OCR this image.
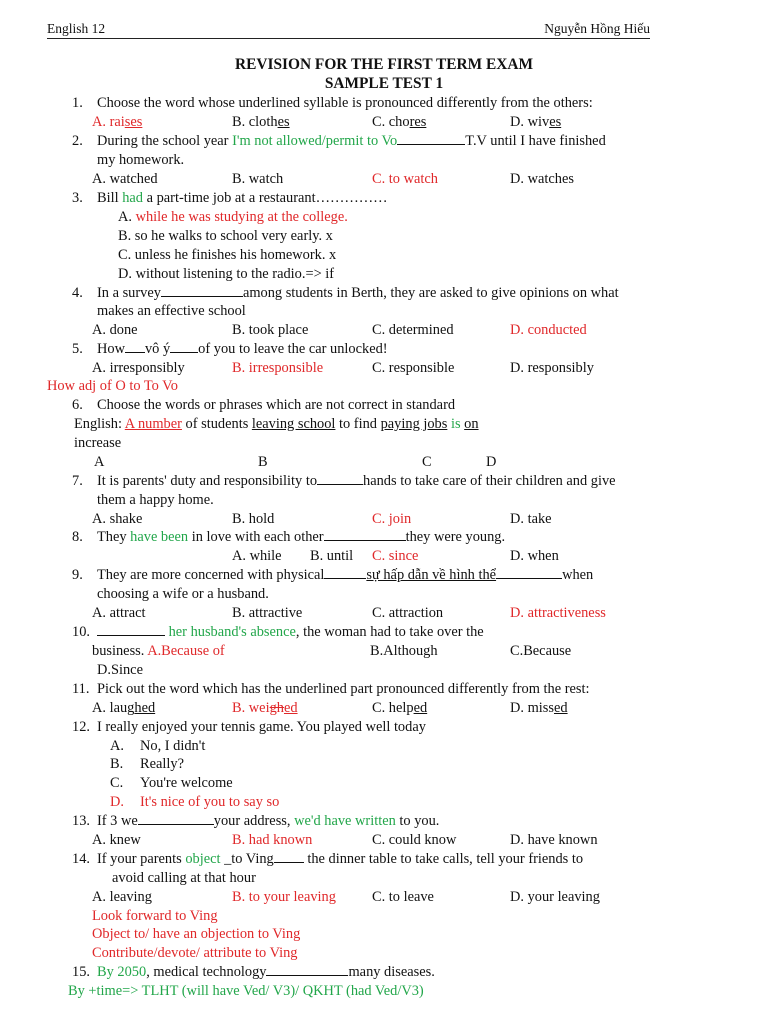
English 12	Nguyễn Hồng Hiếu
REVISION FOR THE FIRST TERM EXAM
SAMPLE TEST 1
1. Choose the word whose underlined syllable is pronounced differently from the others:
A. raises	B. clothes	C. chores	D. wives
2. During the school year I'm not allowed/permit to Vo	T.V until I have finished
my homework.
A. watched	B. watch	C. to watch	D. watches
3. Bill had a part-time job at a restaurant……………
A. while he was studying at the college.
B. so he walks to school very early. x
C. unless he finishes his homework. x
D. without listening to the radio.=> if
4. In a survey	among students in Berth, they are asked to give opinions on what
makes an effective school
A. done	B. took place	C. determined	D. conducted
5. How vô ý of you to leave the car unlocked!
A. irresponsibly	B. irresponsible	C. responsible	D. responsibly
How adj of O to To Vo
6. Choose the words or phrases which are not correct in standard
English: A number of students leaving school to find paying jobs is on
increase
A	B	C	D
7. It is parents' duty and responsibility to	hands to take care of their children and give
them a happy home.
A. shake	B. hold	C. join	D. take
8. They have been in love with each other	they were young.
A. while B. until C. since	D. when
9. They are more concerned with physical	sự hấp dẫn về hình thể	when
choosing a wife or a husband.
A. attract	B. attractive	C. attraction	D. attractiveness
10.	her husband's absence, the woman had to take over the
business. A.Because of	B.Although	C.Because
D.Since
11. Pick out the word which has the underlined part pronounced differently from the rest:
A. laughed	B. weighed	C. helped	D. missed
12. I really enjoyed your tennis game. You played well today
A. No, I didn't
B. Really?
C. You're welcome
D. It's nice of you to say so
13. If 3 we	your address, we'd have written to you.
A. knew	B. had known	C. could know	D. have known
14. If your parents object _to Ving the dinner table to take calls, tell your friends to
avoid calling at that hour
A. leaving	B. to your leaving	C. to leave	D. your leaving
Look forward to Ving
Object to/ have an objection to Ving
Contribute/devote/ attribute to Ving
15. By 2050, medical technology	many diseases.
By +time=> TLHT (will have Ved/ V3)/ QKHT (had Ved/V3)
